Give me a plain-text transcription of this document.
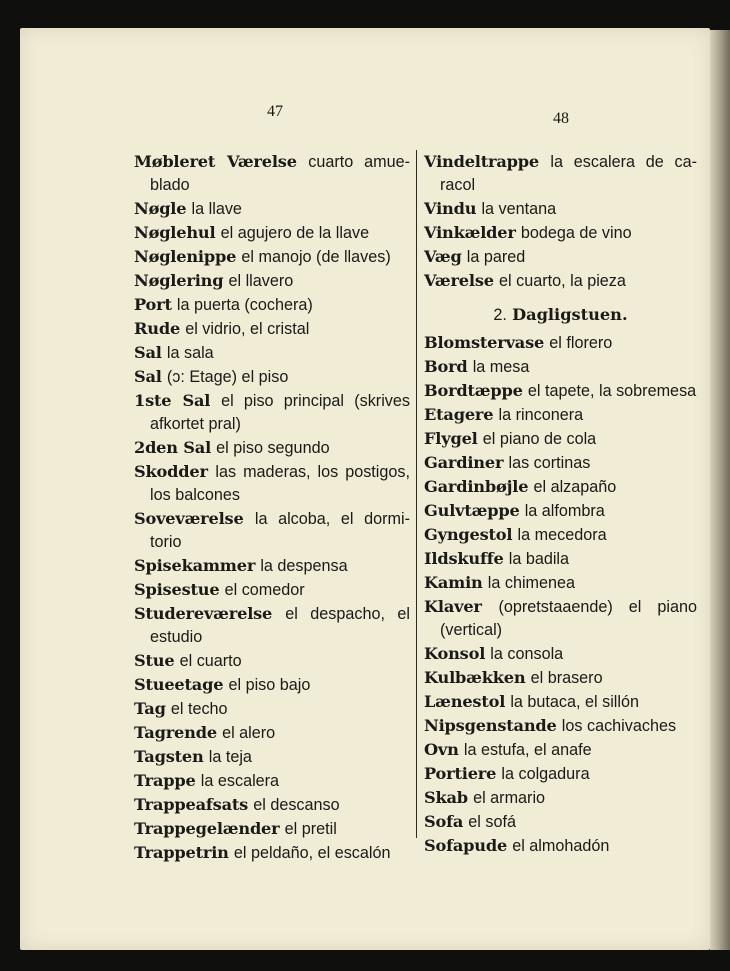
47	48
Møbleret Værelse cuarto amue-
blado
Nøgle la llave
Nøglehul el agujero de la llave
Nøglenippe el manojo (de llaves)
Nøglering el llavero
Port la puerta (cochera)
Rude el vidrio, el cristal
Sal la sala
Sal (ɔ: Etage) el piso
1ste Sal el piso principal (skrives
afkortet pral)
2den Sal el piso segundo
Skodder las maderas, los postigos,
los balcones
Soveværelse la alcoba, el dormi-
torio
Spisekammer la despensa
Spisestue el comedor
Studereværelse el despacho, el
estudio
Stue el cuarto
Stueetage el piso bajo
Tag el techo
Tagrende el alero
Tagsten la teja
Trappe la escalera
Trappeafsats el descanso
Trappegelænder el pretil
Trappetrin el peldaño, el escalón
Vindeltrappe la escalera de ca-
racol
Vindu la ventana
Vinkælder bodega de vino
Væg la pared
Værelse el cuarto, la pieza
2. Dagligstuen.
Blomstervase el florero
Bord la mesa
Bordtæppe el tapete, la sobremesa
Etagere la rinconera
Flygel el piano de cola
Gardiner las cortinas
Gardinbøjle el alzapaño
Gulvtæppe la alfombra
Gyngestol la mecedora
Ildskuffe la badila
Kamin la chimenea
Klaver (opretstaaende) el piano
(vertical)
Konsol la consola
Kulbækken el brasero
Lænestol la butaca, el sillón
Nipsgenstande los cachivaches
Ovn la estufa, el anafe
Portiere la colgadura
Skab el armario
Sofa el sofá
Sofapude el almohadón
